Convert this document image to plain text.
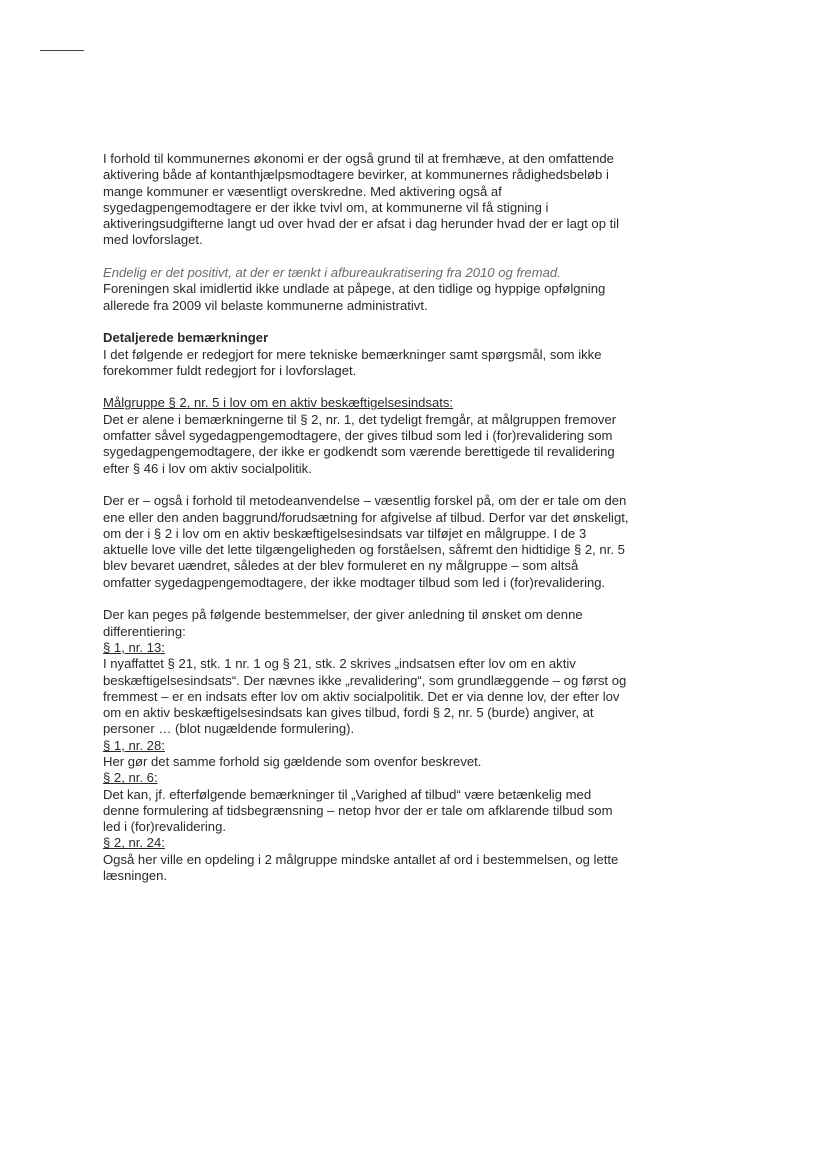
I forhold til kommunernes økonomi er der også grund til at fremhæve, at den omfattende
aktivering både af kontanthjælpsmodtagere bevirker, at kommunernes rådighedsbeløb i
mange kommuner er væsentligt overskredne. Med aktivering også af
sygedagpengemodtagere er der ikke tvivl om, at kommunerne vil få stigning i
aktiveringsudgifterne langt ud over hvad der er afsat i dag herunder hvad der er lagt op til
med lovforslaget.
Endelig er det positivt, at der er tænkt i afbureaukratisering fra 2010 og fremad.
Foreningen skal imidlertid ikke undlade at påpege, at den tidlige og hyppige opfølgning
allerede fra 2009 vil belaste kommunerne administrativt.
Detaljerede bemærkninger
I det følgende er redegjort for mere tekniske bemærkninger samt spørgsmål, som ikke
forekommer fuldt redegjort for i lovforslaget.
Målgruppe § 2, nr. 5 i lov om en aktiv beskæftigelsesindsats:
Det er alene i bemærkningerne til § 2, nr. 1, det tydeligt fremgår, at målgruppen fremover
omfatter såvel sygedagpengemodtagere, der gives tilbud som led i (for)revalidering som
sygedagpengemodtagere, der ikke er godkendt som værende berettigede til revalidering
efter § 46 i lov om aktiv socialpolitik.
Der er – også i forhold til metodeanvendelse – væsentlig forskel på, om der er tale om den
ene eller den anden baggrund/forudsætning for afgivelse af tilbud. Derfor var det ønskeligt,
om der i § 2 i lov om en aktiv beskæftigelsesindsats var tilføjet en målgruppe. I de 3
aktuelle love ville det lette tilgængeligheden og forståelsen, såfremt den hidtidige § 2, nr. 5
blev bevaret uændret, således at der blev formuleret en ny målgruppe – som altså
omfatter sygedagpengemodtagere, der ikke modtager tilbud som led i (for)revalidering.
Der kan peges på følgende bestemmelser, der giver anledning til ønsket om denne
differentiering:
§ 1, nr. 13:
I nyaffattet § 21, stk. 1 nr. 1 og § 21, stk. 2 skrives „indsatsen efter lov om en aktiv
beskæftigelsesindsats“. Der nævnes ikke „revalidering“, som grundlæggende – og først og
fremmest – er en indsats efter lov om aktiv socialpolitik. Det er via denne lov, der efter lov
om en aktiv beskæftigelsesindsats kan gives tilbud, fordi § 2, nr. 5 (burde) angiver, at
personer … (blot nugældende formulering).
§ 1, nr. 28:
Her gør det samme forhold sig gældende som ovenfor beskrevet.
§ 2, nr. 6:
Det kan, jf. efterfølgende bemærkninger til „Varighed af tilbud“ være betænkelig med
denne formulering af tidsbegrænsning – netop hvor der er tale om afklarende tilbud som
led i (for)revalidering.
§ 2, nr. 24:
Også her ville en opdeling i 2 målgruppe mindske antallet af ord i bestemmelsen, og lette
læsningen.
